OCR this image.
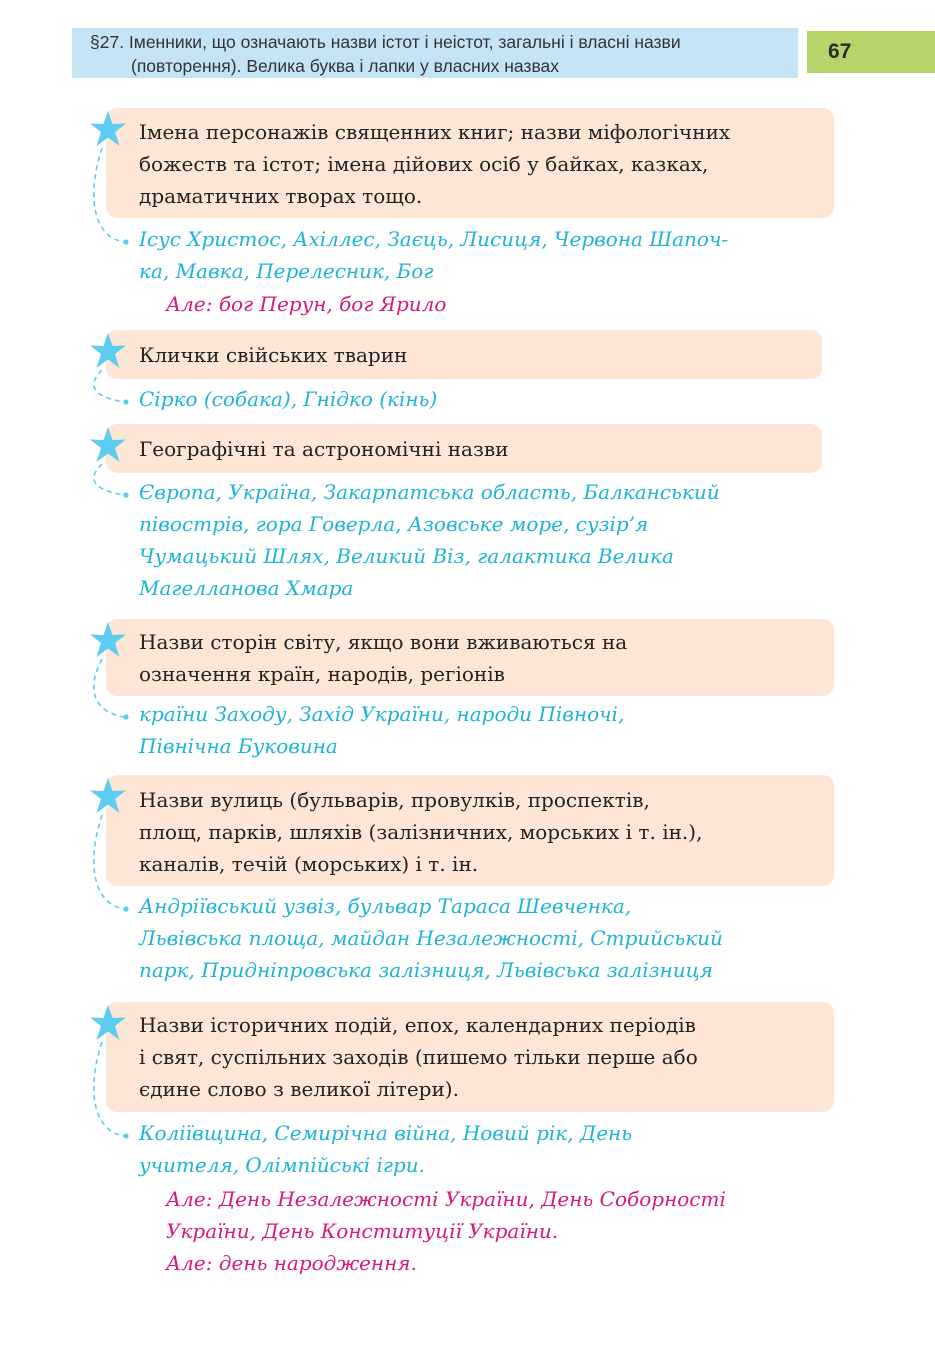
§27. Іменники, що означають назви істот і неістот, загальні і власні назви
(повторення). Велика буква і лапки у власних назвах
67
Імена персонажів священних книг; назви міфологічних
божеств та істот; імена дійових осіб у байках, казках,
драматичних творах тощо.
Ісус Христос, Ахіллес, Заєць, Лисиця, Червона Шапоч-
ка, Мавка, Перелесник, Бог
Але: бог Перун, бог Ярило
Клички свійських тварин
Сірко (собака), Гнідко (кінь)
Географічні та астрономічні назви
Європа, Україна, Закарпатська область, Балканський
півострів, гора Говерла, Азовське море, сузір’я
Чумацький Шлях, Великий Віз, галактика Велика
Магелланова Хмара
Назви сторін світу, якщо вони вживаються на
означення країн, народів, регіонів
країни Заходу, Захід України, народи Півночі,
Північна Буковина
Назви вулиць (бульварів, провулків, проспектів,
площ, парків, шляхів (залізничних, морських і т. ін.),
каналів, течій (морських) і т. ін.
Андріївський узвіз, бульвар Тараса Шевченка,
Львівська площа, майдан Незалежності, Стрийський
парк, Придніпровська залізниця, Львівська залізниця
Назви історичних подій, епох, календарних періодів
і свят, суспільних заходів (пишемо тільки перше або
єдине слово з великої літери).
Коліївщина, Семирічна війна, Новий рік, День
учителя, Олімпійські ігри.
Але: День Незалежності України, День Соборності
України, День Конституції України.
Але: день народження.
